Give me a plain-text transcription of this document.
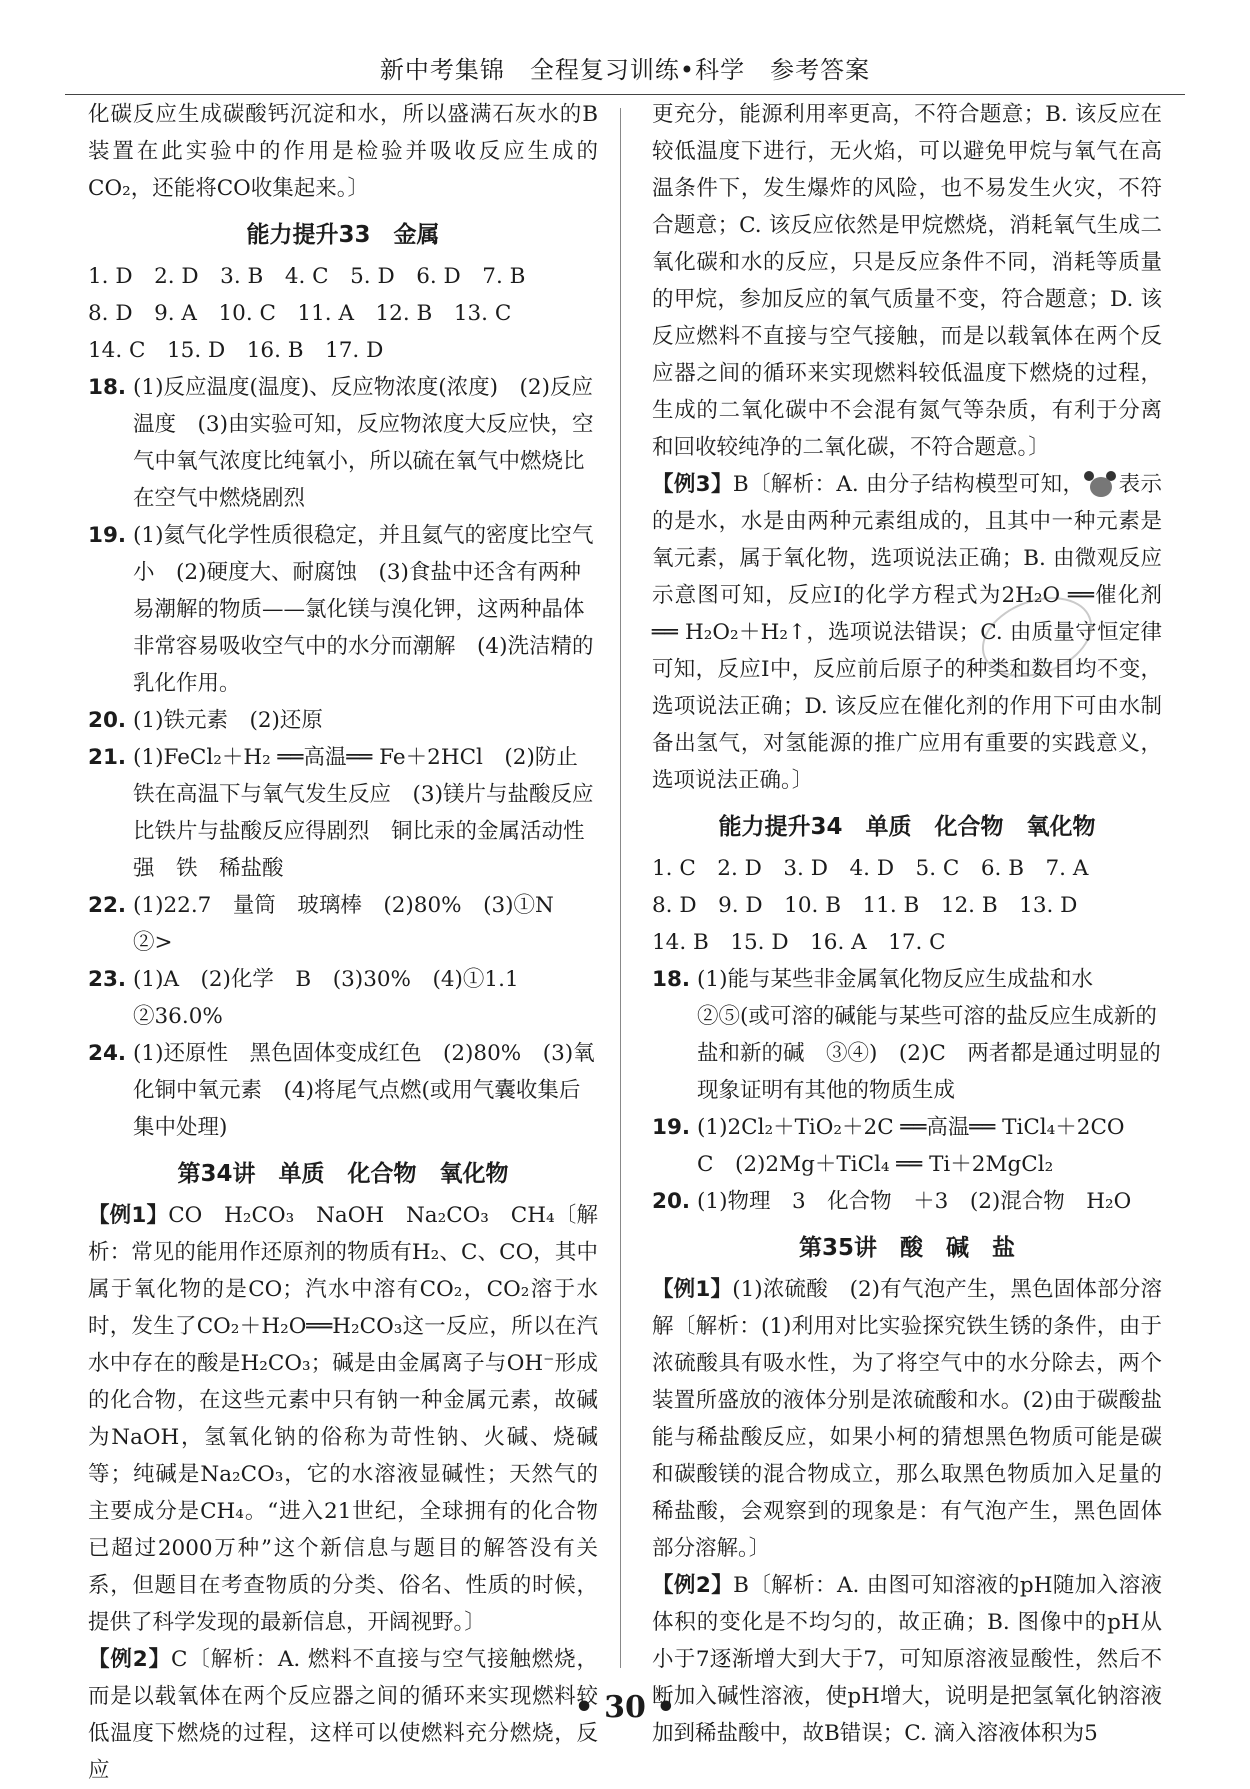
新中考集锦　全程复习训练•科学　参考答案

化碳反应生成碳酸钙沉淀和水，所以盛满石灰水的B装置在此实验中的作用是检验并吸收反应生成的CO₂，还能将CO收集起来。〕

能力提升33　金属
1. D　2. D　3. B　4. C　5. D　6. D　7. B
8. D　9. A　10. C　11. A　12. B　13. C
14. C　15. D　16. B　17. D
18. (1)反应温度(温度)、反应物浓度(浓度)　(2)反应温度　(3)由实验可知，反应物浓度大反应快，空气中氧气浓度比纯氧小，所以硫在氧气中燃烧比在空气中燃烧剧烈
19. (1)氦气化学性质很稳定，并且氦气的密度比空气小　(2)硬度大、耐腐蚀　(3)食盐中还含有两种易潮解的物质——氯化镁与溴化钾，这两种晶体非常容易吸收空气中的水分而潮解　(4)洗洁精的乳化作用。
20. (1)铁元素　(2)还原
21. (1)FeCl₂＋H₂ ══高温══ Fe＋2HCl　(2)防止铁在高温下与氧气发生反应　(3)镁片与盐酸反应比铁片与盐酸反应得剧烈　铜比汞的金属活动性强　铁　稀盐酸
22. (1)22.7　量筒　玻璃棒　(2)80%　(3)①N　②>
23. (1)A　(2)化学　B　(3)30%　(4)①1.1　②36.0%
24. (1)还原性　黑色固体变成红色　(2)80%　(3)氧化铜中氧元素　(4)将尾气点燃(或用气囊收集后集中处理)
第34讲　单质　化合物　氧化物

【例1】CO　H₂CO₃　NaOH　Na₂CO₃　CH₄〔解析：常见的能用作还原剂的物质有H₂、C、CO，其中属于氧化物的是CO；汽水中溶有CO₂，CO₂溶于水时，发生了CO₂＋H₂O══H₂CO₃这一反应，所以在汽水中存在的酸是H₂CO₃；碱是由金属离子与OH⁻形成的化合物，在这些元素中只有钠一种金属元素，故碱为NaOH，氢氧化钠的俗称为苛性钠、火碱、烧碱等；纯碱是Na₂CO₃，它的水溶液显碱性；天然气的主要成分是CH₄。“进入21世纪，全球拥有的化合物已超过2000万种”这个新信息与题目的解答没有关系，但题目在考查物质的分类、俗名、性质的时候，提供了科学发现的最新信息，开阔视野。〕

【例2】C〔解析：A. 燃料不直接与空气接触燃烧，而是以载氧体在两个反应器之间的循环来实现燃料较低温度下燃烧的过程，这样可以使燃料充分燃烧，反应

更充分，能源利用率更高，不符合题意；B. 该反应在较低温度下进行，无火焰，可以避免甲烷与氧气在高温条件下，发生爆炸的风险，也不易发生火灾，不符合题意；C. 该反应依然是甲烷燃烧，消耗氧气生成二氧化碳和水的反应，只是反应条件不同，消耗等质量的甲烷，参加反应的氧气质量不变，符合题意；D. 该反应燃料不直接与空气接触，而是以载氧体在两个反应器之间的循环来实现燃料较低温度下燃烧的过程，生成的二氧化碳中不会混有氮气等杂质，有利于分离和回收较纯净的二氧化碳，不符合题意。〕

【例3】B〔解析：A. 由分子结构模型可知， 表示的是水，水是由两种元素组成的，且其中一种元素是氧元素，属于氧化物，选项说法正确；B. 由微观反应示意图可知，反应Ⅰ的化学方程式为2H₂O ══催化剂══ H₂O₂＋H₂↑，选项说法错误；C. 由质量守恒定律可知，反应Ⅰ中，反应前后原子的种类和数目均不变，选项说法正确；D. 该反应在催化剂的作用下可由水制备出氢气，对氢能源的推广应用有重要的实践意义，选项说法正确。〕

能力提升34　单质　化合物　氧化物
1. C　2. D　3. D　4. D　5. C　6. B　7. A
8. D　9. D　10. B　11. B　12. B　13. D
14. B　15. D　16. A　17. C
18. (1)能与某些非金属氧化物反应生成盐和水　②⑤(或可溶的碱能与某些可溶的盐反应生成新的盐和新的碱　③④)　(2)C　两者都是通过明显的现象证明有其他的物质生成
19. (1)2Cl₂＋TiO₂＋2C ══高温══ TiCl₄＋2CO　C　(2)2Mg＋TiCl₄ ══ Ti＋2MgCl₂
20. (1)物理　3　化合物　＋3　(2)混合物　H₂O
第35讲　酸　碱　盐

【例1】(1)浓硫酸　(2)有气泡产生，黑色固体部分溶解〔解析：(1)利用对比实验探究铁生锈的条件，由于浓硫酸具有吸水性，为了将空气中的水分除去，两个装置所盛放的液体分别是浓硫酸和水。(2)由于碳酸盐能与稀盐酸反应，如果小柯的猜想黑色物质可能是碳和碳酸镁的混合物成立，那么取黑色物质加入足量的稀盐酸，会观察到的现象是：有气泡产生，黑色固体部分溶解。〕

【例2】B〔解析：A. 由图可知溶液的pH随加入溶液体积的变化是不均匀的，故正确；B. 图像中的pH从小于7逐渐增大到大于7，可知原溶液显酸性，然后不断加入碱性溶液，使pH增大，说明是把氢氧化钠溶液加到稀盐酸中，故B错误；C. 滴入溶液体积为5

• 30 •
